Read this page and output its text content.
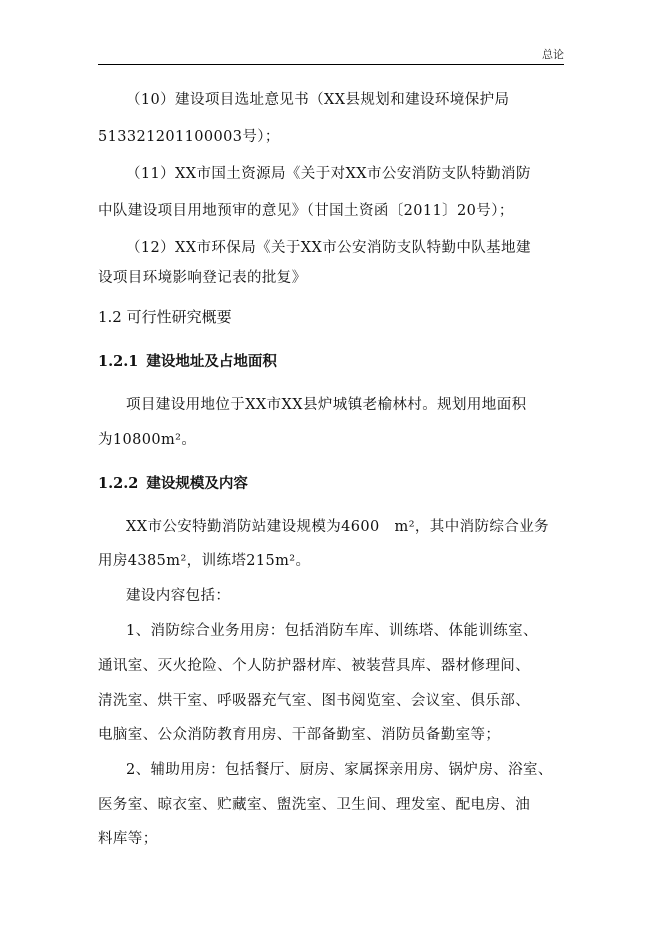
总论
（10）建设项目选址意见书（XX县规划和建设环境保护局
513321201100003号）；
（11）XX市国土资源局《关于对XX市公安消防支队特勤消防
中队建设项目用地预审的意见》（甘国土资函〔2011〕20号）；
（12）XX市环保局《关于XX市公安消防支队特勤中队基地建
设项目环境影响登记表的批复》
1.2 可行性研究概要
1.2.1 建设地址及占地面积
项目建设用地位于XX市XX县炉城镇老榆林村。规划用地面积
为10800m²。
1.2.2 建设规模及内容
XX市公安特勤消防站建设规模为4600　m²，其中消防综合业务
用房4385m²，训练塔215m²。
建设内容包括：
1、消防综合业务用房：包括消防车库、训练塔、体能训练室、
通讯室、灭火抢险、个人防护器材库、被装营具库、器材修理间、
清洗室、烘干室、呼吸器充气室、图书阅览室、会议室、俱乐部、
电脑室、公众消防教育用房、干部备勤室、消防员备勤室等；
2、辅助用房：包括餐厅、厨房、家属探亲用房、锅炉房、浴室、
医务室、晾衣室、贮藏室、盥洗室、卫生间、理发室、配电房、油
料库等；
